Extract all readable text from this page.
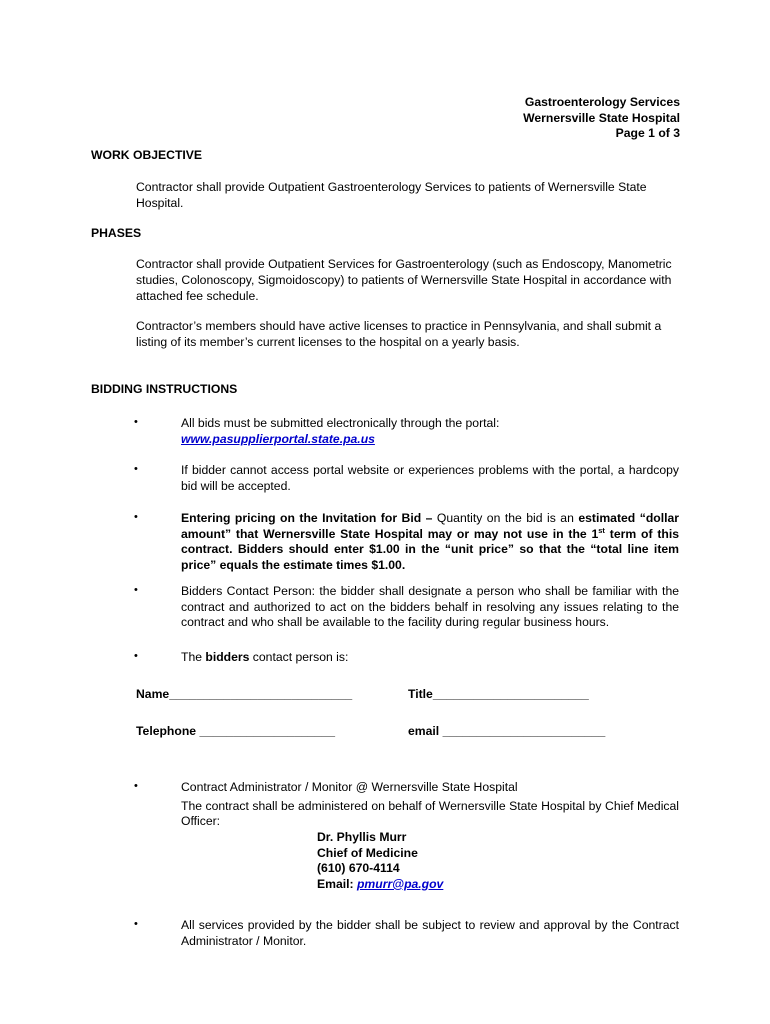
Gastroenterology Services
Wernersville State Hospital
Page 1 of 3
WORK OBJECTIVE
Contractor shall provide Outpatient Gastroenterology Services to patients of Wernersville State Hospital.
PHASES
Contractor shall provide Outpatient Services for Gastroenterology (such as Endoscopy, Manometric studies, Colonoscopy, Sigmoidoscopy) to patients of Wernersville State Hospital in accordance with attached fee schedule.
Contractor’s members should have active licenses to practice in Pennsylvania, and shall submit a listing of its member’s current licenses to the hospital on a yearly basis.
BIDDING INSTRUCTIONS
•	All bids must be submitted electronically through the portal:
www.pasupplierportal.state.pa.us
•	If bidder cannot access portal website or experiences problems with the portal, a hardcopy bid will be accepted.
•	Entering pricing on the Invitation for Bid – Quantity on the bid is an estimated “dollar amount” that Wernersville State Hospital may or may not use in the 1st term of this contract. Bidders should enter $1.00 in the “unit price” so that the “total line item price” equals the estimate times $1.00.
•	Bidders Contact Person: the bidder shall designate a person who shall be familiar with the contract and authorized to act on the bidders behalf in resolving any issues relating to the contract and who shall be available to the facility during regular business hours.
•	The bidders contact person is:
Name___________________________	Title_______________________
Telephone ____________________	email ________________________
•	Contract Administrator / Monitor @ Wernersville State Hospital
The contract shall be administered on behalf of Wernersville State Hospital by Chief Medical Officer:
Dr. Phyllis Murr
Chief of Medicine
(610) 670-4114
Email: pmurr@pa.gov
•	All services provided by the bidder shall be subject to review and approval by the Contract Administrator / Monitor.
